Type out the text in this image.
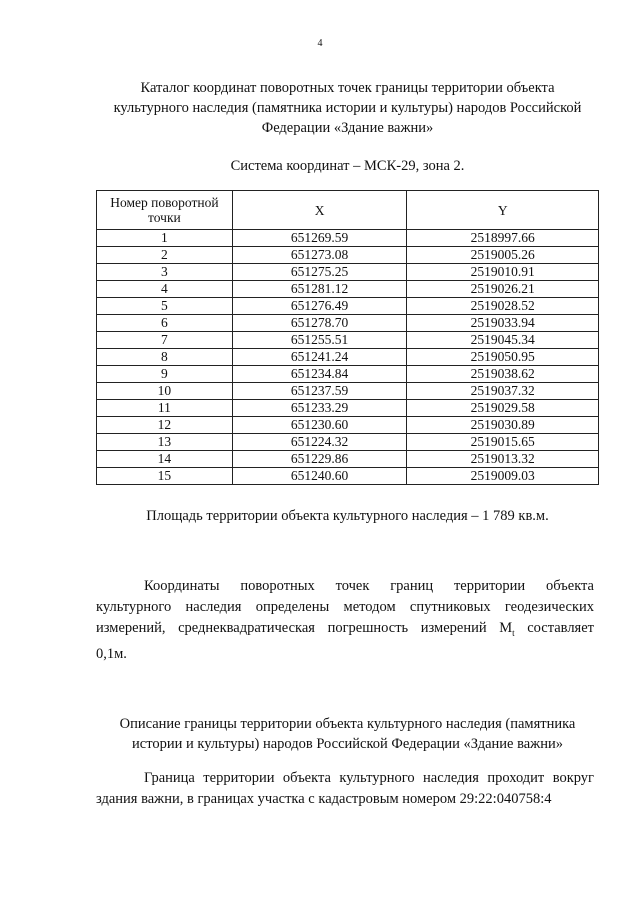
4
Каталог координат поворотных точек границы территории объекта
культурного наследия (памятника истории и культуры) народов Российской
Федерации «Здание важни»
Система координат – МСК-29, зона 2.
Номер поворотной точки	X	Y
1	651269.59	2518997.66
2	651273.08	2519005.26
3	651275.25	2519010.91
4	651281.12	2519026.21
5	651276.49	2519028.52
6	651278.70	2519033.94
7	651255.51	2519045.34
8	651241.24	2519050.95
9	651234.84	2519038.62
10	651237.59	2519037.32
11	651233.29	2519029.58
12	651230.60	2519030.89
13	651224.32	2519015.65
14	651229.86	2519013.32
15	651240.60	2519009.03
Площадь территории объекта культурного наследия – 1 789 кв.м.

Координаты поворотных точек границ территории объекта
культурного наследия определены методом спутниковых геодезических
измерений, среднеквадратическая погрешность измерений $M_t$ составляет
0,1м.

Описание границы территории объекта культурного наследия (памятника
истории и культуры) народов Российской Федерации «Здание важни»

Граница территории объекта культурного наследия проходит вокруг
здания важни, в границах участка с кадастровым номером 29:22:040758:4
